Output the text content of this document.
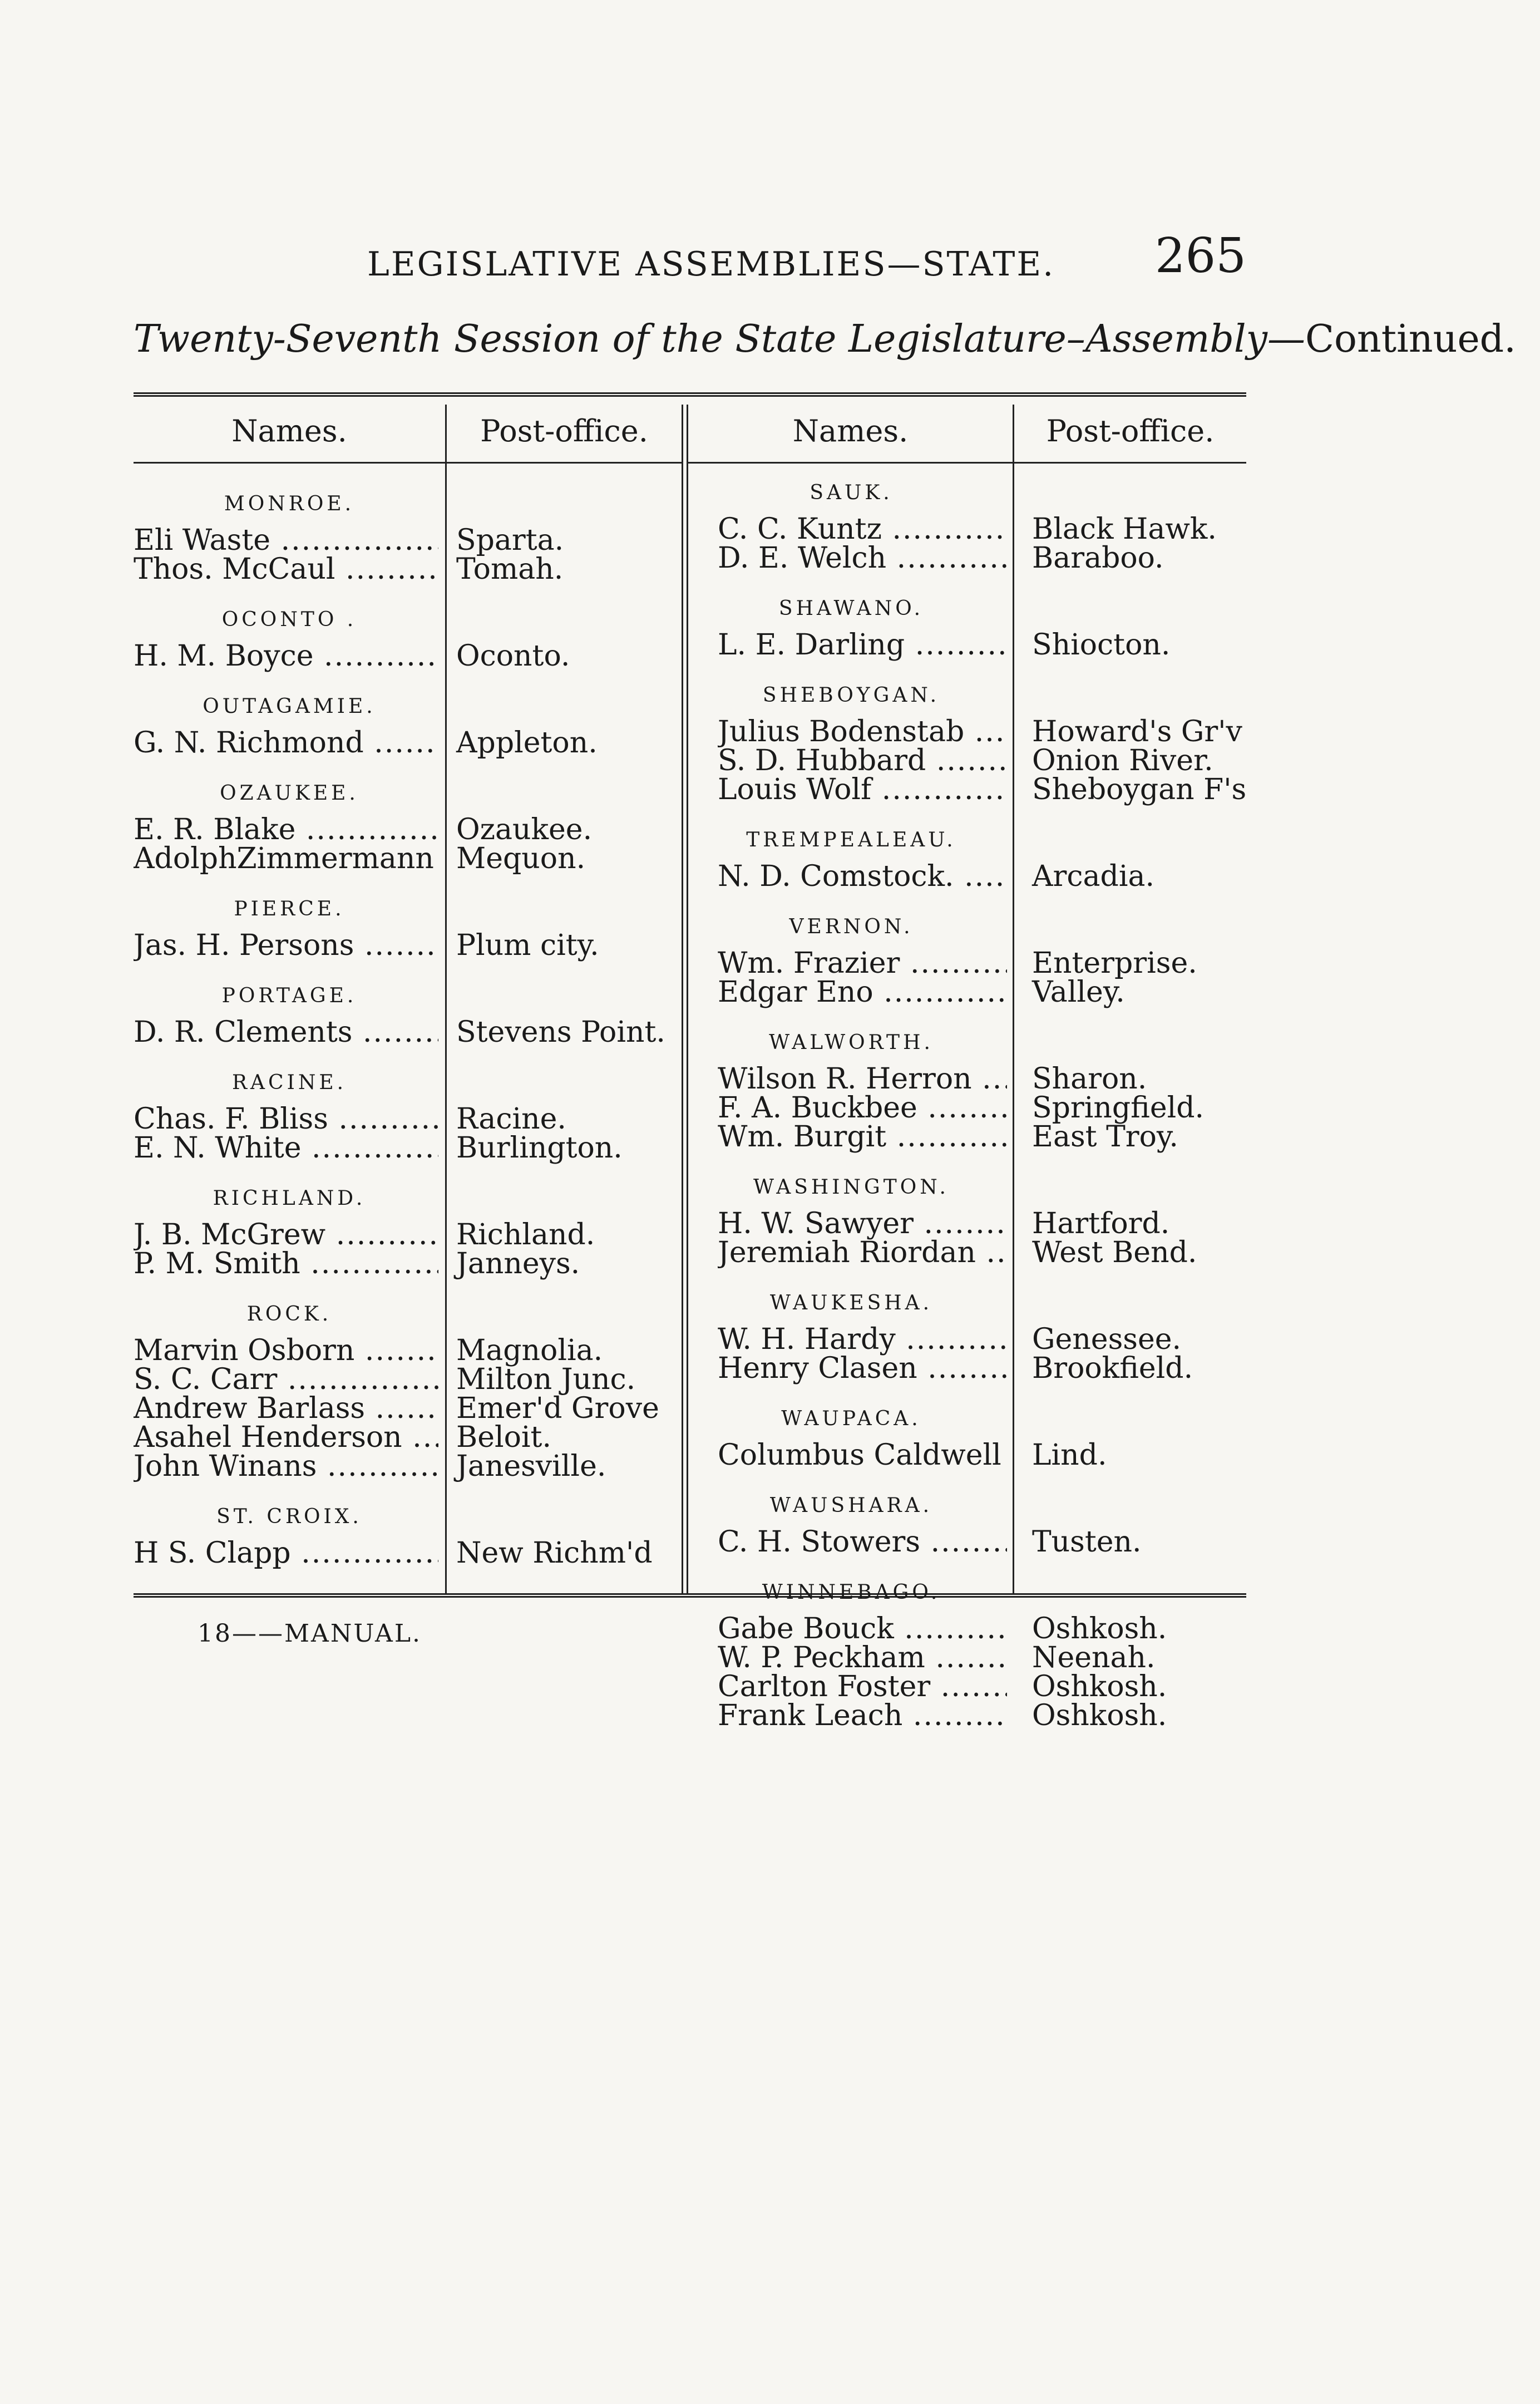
LEGISLATIVE ASSEMBLIES—STATE. 265
Twenty-Seventh Session of the State Legislature–Assembly—Continued.
Names.	Post-office.	Names.	Post-office.
MONROE.
Eli Waste .....	Sparta.
Thos. McCaul .....	Tomah.
OCONTO .
H. M. Boyce .....	Oconto.
OUTAGAMIE.
G. N. Richmond .....	Appleton.
OZAUKEE.
E. R. Blake .....	Ozaukee.
AdolphZimmermann ..... Mequon.
PIERCE.
Jas. H. Persons .....	Plum city.
PORTAGE.
D. R. Clements .....	Stevens Point.
RACINE.
Chas. F. Bliss .....	Racine.
E. N. White .....	Burlington.
RICHLAND.
J. B. McGrew .....	Richland.
P. M. Smith .....	Janneys.
ROCK.
Marvin Osborn .....	Magnolia.
S. C. Carr .....	Milton Junc.
Andrew Barlass .....	Emer'd Grove
Asahel Henderson .....	Beloit.
John Winans .....	Janesville.
ST. CROIX.
H S. Clapp .....	New Richm'd
SAUK.
C. C. Kuntz .....	Black Hawk.
D. E. Welch .....	Baraboo.
SHAWANO.
L. E. Darling .....	Shiocton.
SHEBOYGAN.
Julius Bodenstab .....	Howard's Gr'v
S. D. Hubbard .....	Onion River.
Louis Wolf .....	Sheboygan F's
TREMPEALEAU.
N. D. Comstock. .....	Arcadia.
VERNON.
Wm. Frazier .....	Enterprise.
Edgar Eno .....	Valley.
WALWORTH.
Wilson R. Herron .....	Sharon.
F. A. Buckbee .....	Springfield.
Wm. Burgit .....	East Troy.
WASHINGTON.
H. W. Sawyer .....	Hartford.
Jeremiah Riordan .....	West Bend.
WAUKESHA.
W. H. Hardy .....	Genessee.
Henry Clasen .....	Brookfield.
WAUPACA.
Columbus Caldwell ..... Lind.
WAUSHARA.
C. H. Stowers .....	Tusten.
WINNEBAGO.
Gabe Bouck .....	Oshkosh.
W. P. Peckham .....	Neenah.
Carlton Foster .....	Oshkosh.
Frank Leach .....	Oshkosh.
18——MANUAL.
